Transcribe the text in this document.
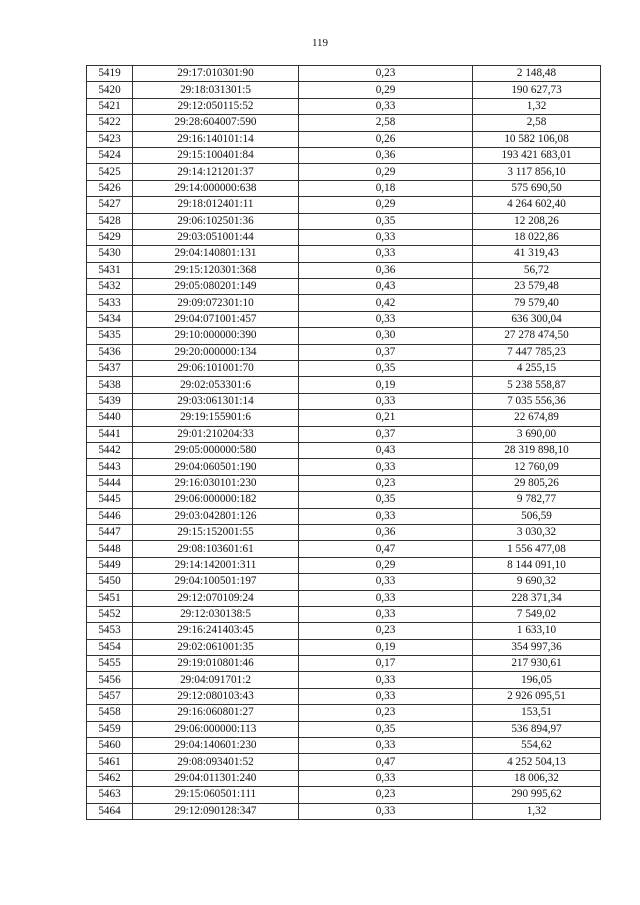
119
5419	29:17:010301:90	0,23	2 148,48
5420	29:18:031301:5	0,29	190 627,73
5421	29:12:050115:52	0,33	1,32
5422	29:28:604007:590	2,58	2,58
5423	29:16:140101:14	0,26	10 582 106,08
5424	29:15:100401:84	0,36	193 421 683,01
5425	29:14:121201:37	0,29	3 117 856,10
5426	29:14:000000:638	0,18	575 690,50
5427	29:18:012401:11	0,29	4 264 602,40
5428	29:06:102501:36	0,35	12 208,26
5429	29:03:051001:44	0,33	18 022,86
5430	29:04:140801:131	0,33	41 319,43
5431	29:15:120301:368	0,36	56,72
5432	29:05:080201:149	0,43	23 579,48
5433	29:09:072301:10	0,42	79 579,40
5434	29:04:071001:457	0,33	636 300,04
5435	29:10:000000:390	0,30	27 278 474,50
5436	29:20:000000:134	0,37	7 447 785,23
5437	29:06:101001:70	0,35	4 255,15
5438	29:02:053301:6	0,19	5 238 558,87
5439	29:03:061301:14	0,33	7 035 556,36
5440	29:19:155901:6	0,21	22 674,89
5441	29:01:210204:33	0,37	3 690,00
5442	29:05:000000:580	0,43	28 319 898,10
5443	29:04:060501:190	0,33	12 760,09
5444	29:16:030101:230	0,23	29 805,26
5445	29:06:000000:182	0,35	9 782,77
5446	29:03:042801:126	0,33	506,59
5447	29:15:152001:55	0,36	3 030,32
5448	29:08:103601:61	0,47	1 556 477,08
5449	29:14:142001:311	0,29	8 144 091,10
5450	29:04:100501:197	0,33	9 690,32
5451	29:12:070109:24	0,33	228 371,34
5452	29:12:030138:5	0,33	7 549,02
5453	29:16:241403:45	0,23	1 633,10
5454	29:02:061001:35	0,19	354 997,36
5455	29:19:010801:46	0,17	217 930,61
5456	29:04:091701:2	0,33	196,05
5457	29:12:080103:43	0,33	2 926 095,51
5458	29:16:060801:27	0,23	153,51
5459	29:06:000000:113	0,35	536 894,97
5460	29:04:140601:230	0,33	554,62
5461	29:08:093401:52	0,47	4 252 504,13
5462	29:04:011301:240	0,33	18 006,32
5463	29:15:060501:111	0,23	290 995,62
5464	29:12:090128:347	0,33	1,32
